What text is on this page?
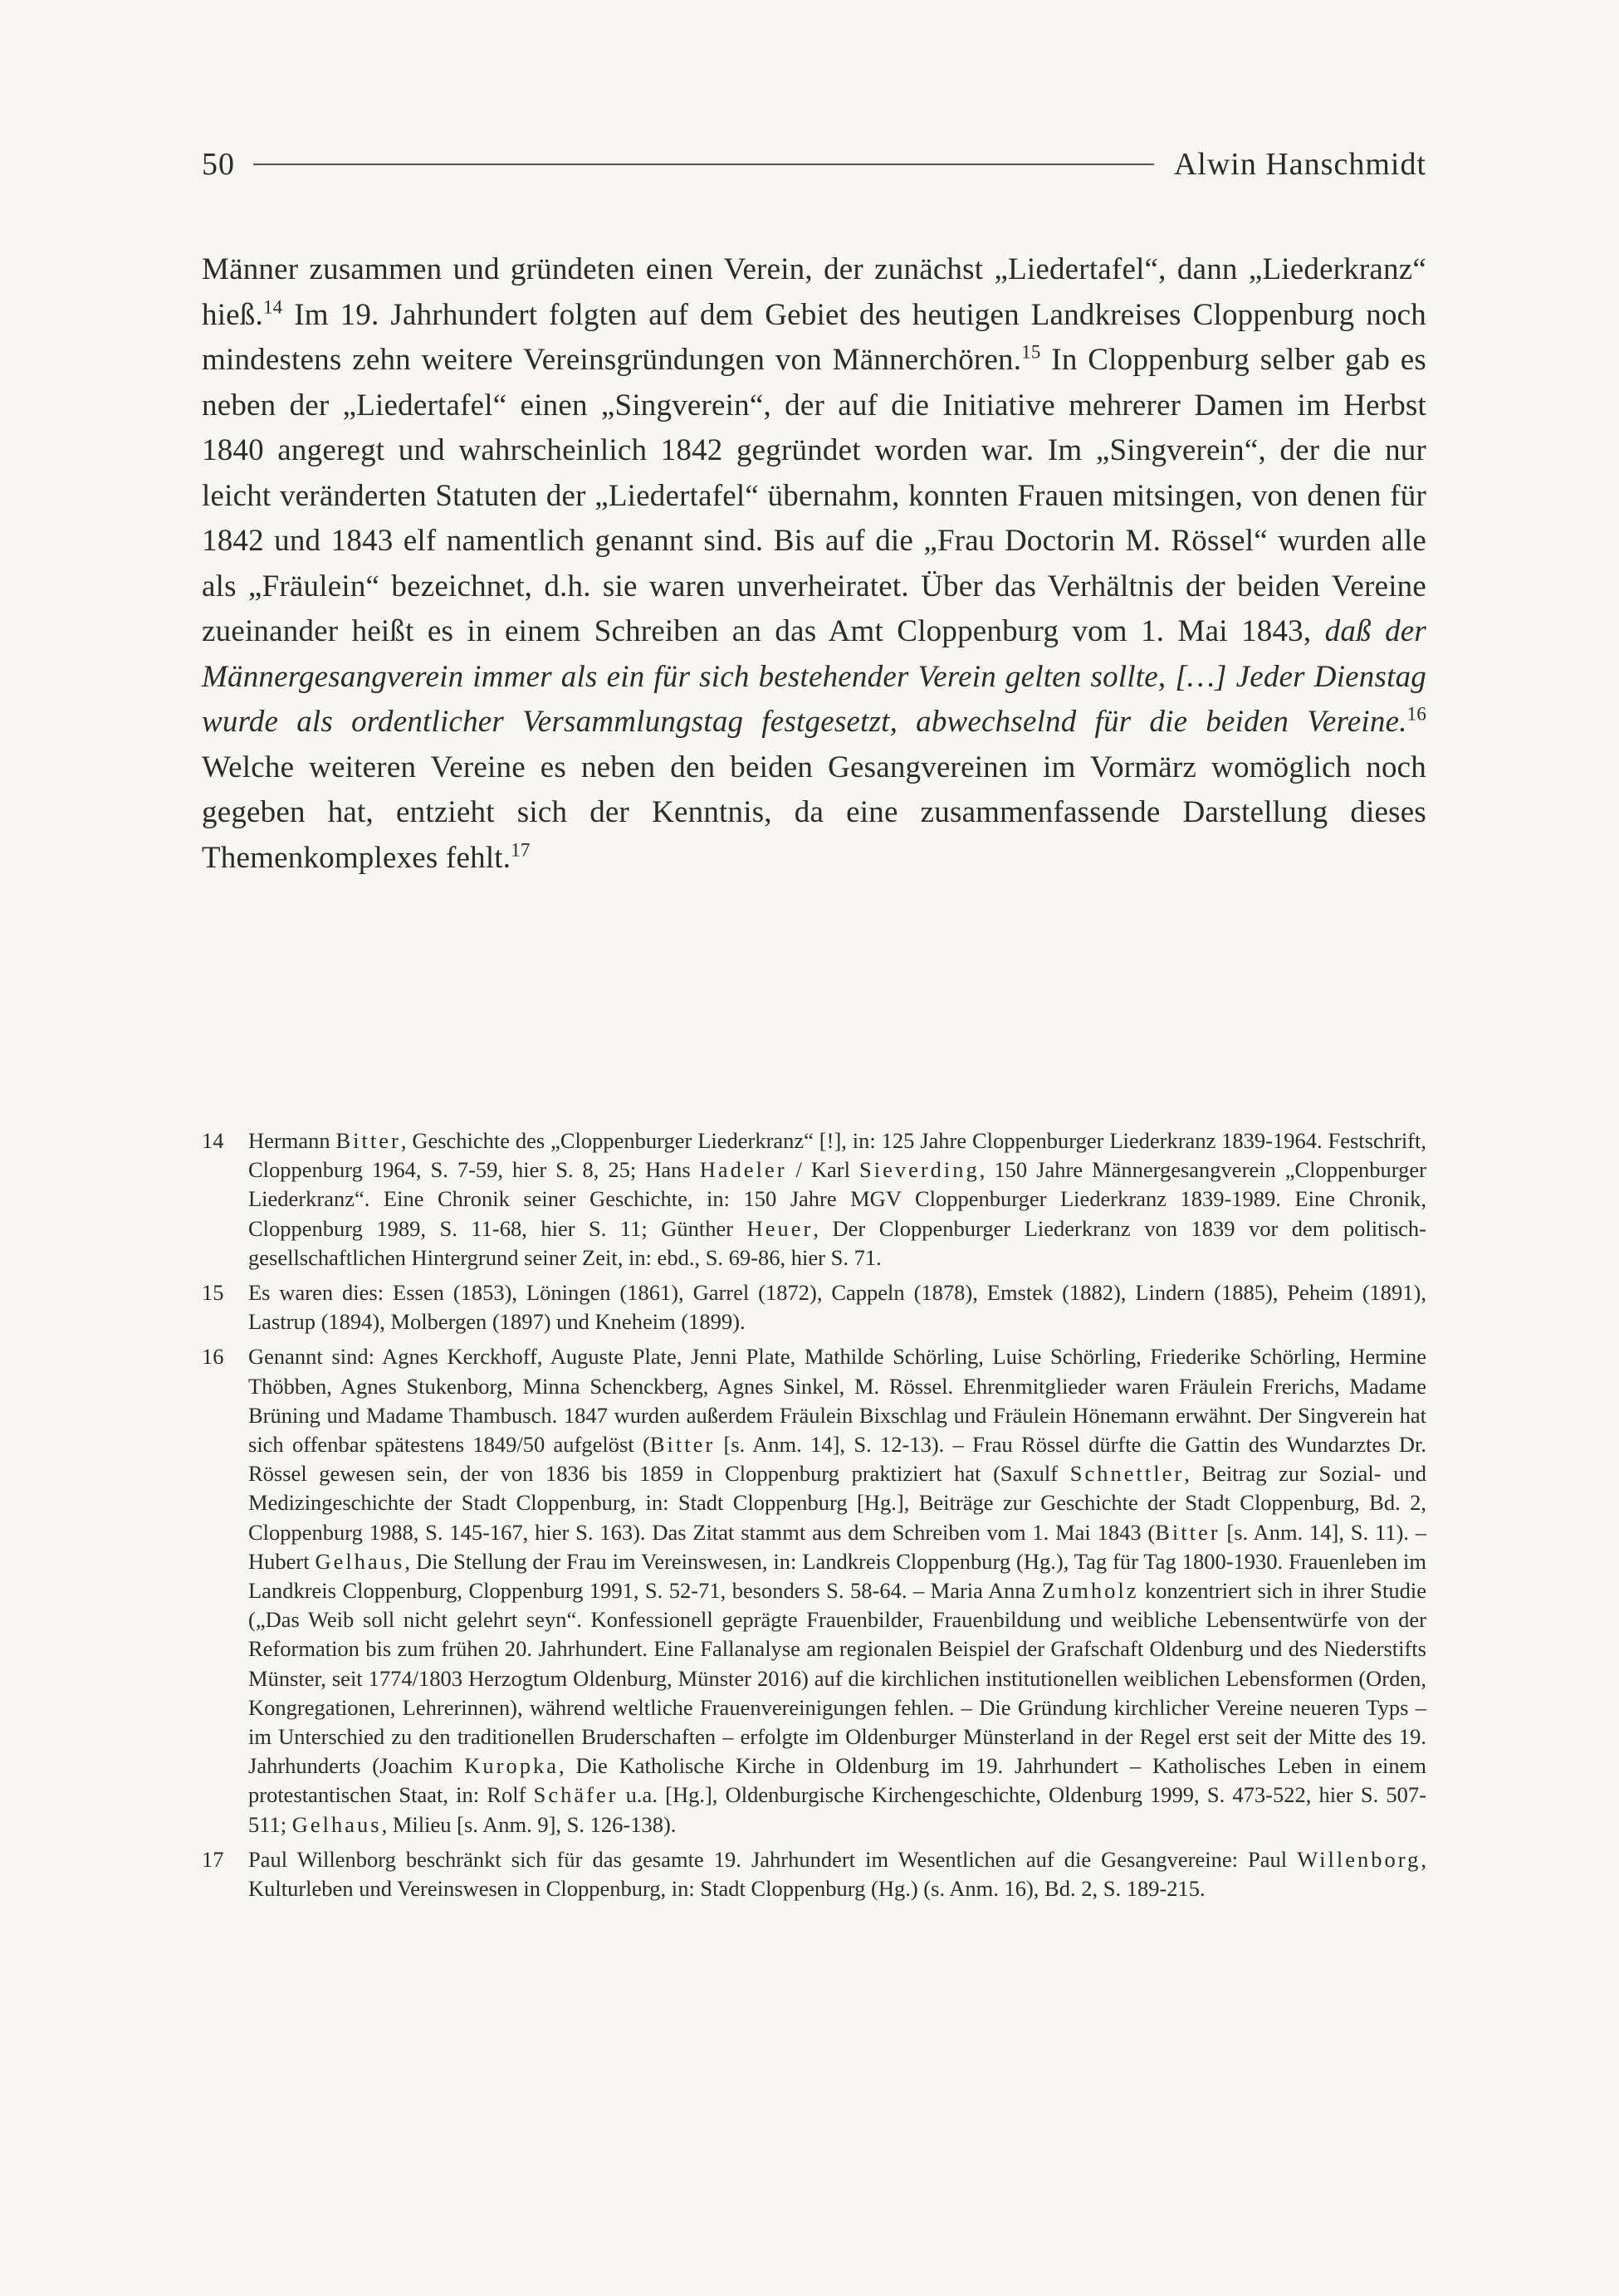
50	Alwin Hanschmidt

Männer zusammen und gründeten einen Verein, der zunächst „Liedertafel“, dann „Liederkranz“ hieß.$^{14}$ Im 19. Jahrhundert folgten auf dem Gebiet des heutigen Landkreises Cloppenburg noch mindestens zehn weitere Vereinsgründungen von Männerchören.$^{15}$ In Cloppenburg selber gab es neben der „Liedertafel“ einen „Singverein“, der auf die Initiative mehrerer Damen im Herbst 1840 angeregt und wahrscheinlich 1842 gegründet worden war. Im „Singverein“, der die nur leicht veränderten Statuten der „Liedertafel“ übernahm, konnten Frauen mitsingen, von denen für 1842 und 1843 elf namentlich genannt sind. Bis auf die „Frau Doctorin M. Rössel“ wurden alle als „Fräulein“ bezeichnet, d.h. sie waren unverheiratet. Über das Verhältnis der beiden Vereine zueinander heißt es in einem Schreiben an das Amt Cloppenburg vom 1. Mai 1843, daß der Männergesangverein immer als ein für sich bestehender Verein gelten sollte, […] Jeder Dienstag wurde als ordentlicher Versammlungstag festgesetzt, abwechselnd für die beiden Vereine.$^{16}$ Welche weiteren Vereine es neben den beiden Gesangvereinen im Vormärz womöglich noch gegeben hat, entzieht sich der Kenntnis, da eine zusammenfassende Darstellung dieses Themenkomplexes fehlt.$^{17}$

14	Hermann Bitter, Geschichte des „Cloppenburger Liederkranz“ [!], in: 125 Jahre Cloppenburger Liederkranz 1839-1964. Festschrift, Cloppenburg 1964, S. 7-59, hier S. 8, 25; Hans Hadeler / Karl Sieverding, 150 Jahre Männergesangverein „Cloppenburger Liederkranz“. Eine Chronik seiner Geschichte, in: 150 Jahre MGV Cloppenburger Liederkranz 1839-1989. Eine Chronik, Cloppenburg 1989, S. 11-68, hier S. 11; Günther Heuer, Der Cloppenburger Liederkranz von 1839 vor dem politisch-gesellschaftlichen Hintergrund seiner Zeit, in: ebd., S. 69-86, hier S. 71.
15	Es waren dies: Essen (1853), Löningen (1861), Garrel (1872), Cappeln (1878), Emstek (1882), Lindern (1885), Peheim (1891), Lastrup (1894), Molbergen (1897) und Kneheim (1899).
16	Genannt sind: Agnes Kerckhoff, Auguste Plate, Jenni Plate, Mathilde Schörling, Luise Schörling, Friederike Schörling, Hermine Thöbben, Agnes Stukenborg, Minna Schenckberg, Agnes Sinkel, M. Rössel. Ehrenmitglieder waren Fräulein Frerichs, Madame Brüning und Madame Thambusch. 1847 wurden außerdem Fräulein Bixschlag und Fräulein Hönemann erwähnt. Der Singverein hat sich offenbar spätestens 1849/50 aufgelöst (Bitter [s. Anm. 14], S. 12-13). – Frau Rössel dürfte die Gattin des Wundarztes Dr. Rössel gewesen sein, der von 1836 bis 1859 in Cloppenburg praktiziert hat (Saxulf Schnettler, Beitrag zur Sozial- und Medizingeschichte der Stadt Cloppenburg, in: Stadt Cloppenburg [Hg.], Beiträge zur Geschichte der Stadt Cloppenburg, Bd. 2, Cloppenburg 1988, S. 145-167, hier S. 163). Das Zitat stammt aus dem Schreiben vom 1. Mai 1843 (Bitter [s. Anm. 14], S. 11). – Hubert Gelhaus, Die Stellung der Frau im Vereinswesen, in: Landkreis Cloppenburg (Hg.), Tag für Tag 1800-1930. Frauenleben im Landkreis Cloppenburg, Cloppenburg 1991, S. 52-71, besonders S. 58-64. – Maria Anna Zumholz konzentriert sich in ihrer Studie („Das Weib soll nicht gelehrt seyn“. Konfessionell geprägte Frauenbilder, Frauenbildung und weibliche Lebensentwürfe von der Reformation bis zum frühen 20. Jahrhundert. Eine Fallanalyse am regionalen Beispiel der Grafschaft Oldenburg und des Niederstifts Münster, seit 1774/1803 Herzogtum Oldenburg, Münster 2016) auf die kirchlichen institutionellen weiblichen Lebensformen (Orden, Kongregationen, Lehrerinnen), während weltliche Frauenvereinigungen fehlen. – Die Gründung kirchlicher Vereine neueren Typs – im Unterschied zu den traditionellen Bruderschaften – erfolgte im Oldenburger Münsterland in der Regel erst seit der Mitte des 19. Jahrhunderts (Joachim Kuropka, Die Katholische Kirche in Oldenburg im 19. Jahrhundert – Katholisches Leben in einem protestantischen Staat, in: Rolf Schäfer u.a. [Hg.], Oldenburgische Kirchengeschichte, Oldenburg 1999, S. 473-522, hier S. 507-511; Gelhaus, Milieu [s. Anm. 9], S. 126-138).
17	Paul Willenborg beschränkt sich für das gesamte 19. Jahrhundert im Wesentlichen auf die Gesangvereine: Paul Willenborg, Kulturleben und Vereinswesen in Cloppenburg, in: Stadt Cloppenburg (Hg.) (s. Anm. 16), Bd. 2, S. 189-215.
